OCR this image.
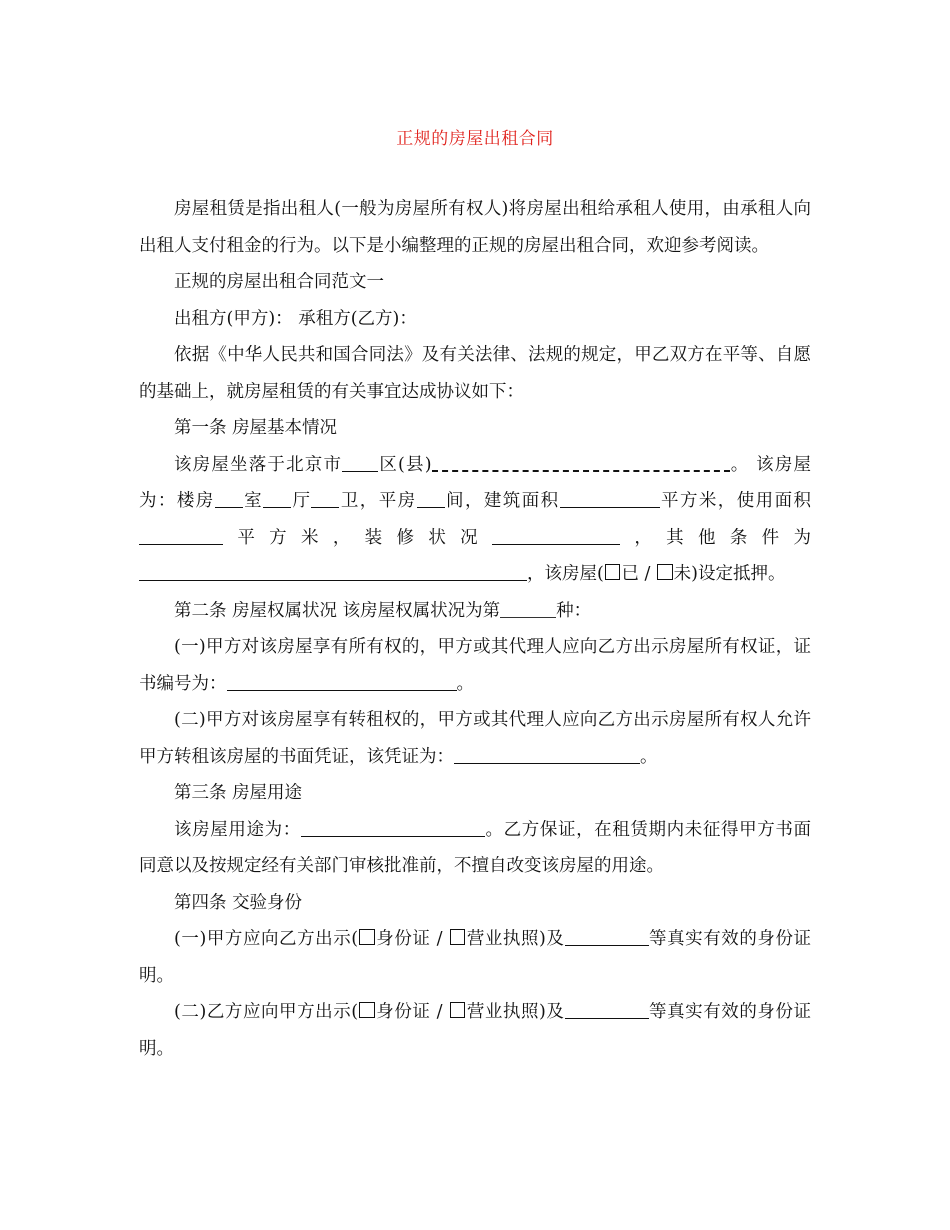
正规的房屋出租合同

房屋租赁是指出租人(一般为房屋所有权人)将房屋出租给承租人使用，由承租人向出租人支付租金的行为。以下是小编整理的正规的房屋出租合同，欢迎参考阅读。

正规的房屋出租合同范文一

出租方(甲方)： 承租方(乙方)：

依据《中华人民共和国合同法》及有关法律、法规的规定，甲乙双方在平等、自愿的基础上，就房屋租赁的有关事宜达成协议如下：

第一条 房屋基本情况

该房屋坐落于北京市 区(县)	。 该房屋为：楼房 室 厅 卫，平房 间，建筑面积	平方米，使用面积平方米，装修状况	，其他条件为，该房屋( 已 / 未)设定抵押。

第二条 房屋权属状况 该房屋权属状况为第	种：

(一)甲方对该房屋享有所有权的，甲方或其代理人应向乙方出示房屋所有权证，证书编号为：	。

(二)甲方对该房屋享有转租权的，甲方或其代理人应向乙方出示房屋所有权人允许甲方转租该房屋的书面凭证，该凭证为：	。

第三条 房屋用途

该房屋用途为：	。乙方保证，在租赁期内未征得甲方书面同意以及按规定经有关部门审核批准前，不擅自改变该房屋的用途。

第四条 交验身份

(一)甲方应向乙方出示( 身份证 / 营业执照)及	等真实有效的身份证明。

(二)乙方应向甲方出示( 身份证 / 营业执照)及	等真实有效的身份证明。
